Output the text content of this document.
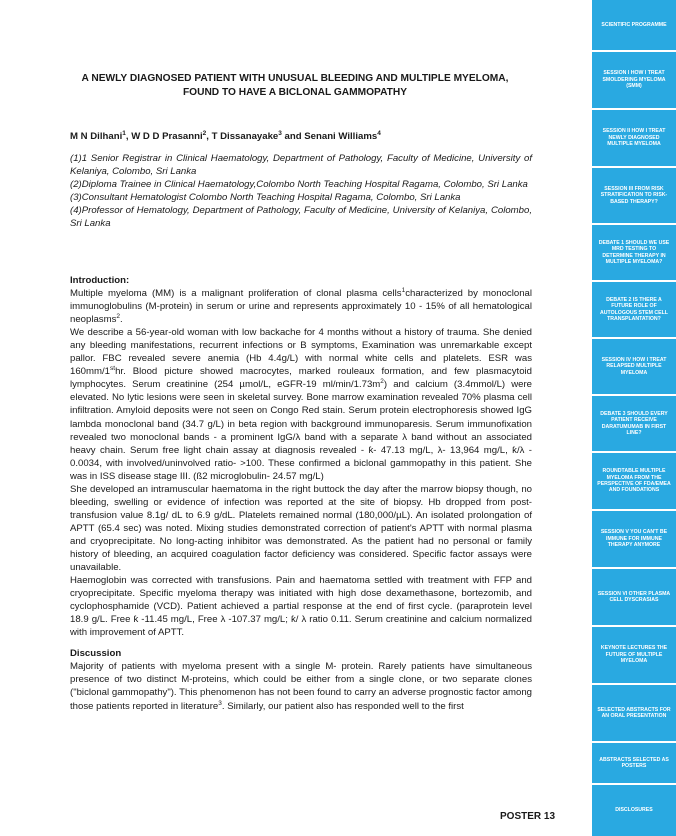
A NEWLY DIAGNOSED PATIENT WITH UNUSUAL BLEEDING AND MULTIPLE MYELOMA,
FOUND TO HAVE A BICLONAL GAMMOPATHY
M N Dilhani$^1$, W D D Prasanni$^2$, T Dissanayake$^3$ and Senani Williams$^4$

(1)1 Senior Registrar in Clinical Haematology, Department of Pathology, Faculty of Medicine, University of Kelaniya, Colombo, Sri Lanka

(2)Diploma Trainee in Clinical Haematology,Colombo North Teaching Hospital Ragama, Colombo, Sri Lanka

(3)Consultant Hematologist Colombo North Teaching Hospital Ragama, Colombo, Sri Lanka

(4)Professor of Hematology, Department of Pathology, Faculty of Medicine, University of Kelaniya, Colombo, Sri Lanka

Introduction:

Multiple myeloma (MM) is a malignant proliferation of clonal plasma cells$^1$characterized by monoclonal immunoglobulins (M-protein) in serum or urine and represents approximately 10 - 15% of all hematological neoplasms$^2$.

We describe a 56-year-old woman with low backache for 4 months without a history of trauma. She denied any bleeding manifestations, recurrent infections or B symptoms, Examination was unremarkable except pallor. FBC revealed severe anemia (Hb 4.4g/L) with normal white cells and platelets. ESR was 160mm/1sthr. Blood picture showed macrocytes, marked rouleaux formation, and few plasmacytoid lymphocytes. Serum creatinine (254 µmol/L, eGFR-19 $ml/\min/1.73m^2$) and calcium (3.4mmol/L) were elevated. No lytic lesions were seen in skeletal survey. Bone marrow examination revealed 70% plasma cell infiltration. Amyloid deposits were not seen on Congo Red stain. Serum protein electrophoresis showed IgG lambda monoclonal band (34.7 g/L) in beta region with background immunoparesis. Serum immunofixation revealed two monoclonal bands - a prominent IgG/λ band with a separate λ band without an associated heavy chain. Serum free light chain assay at diagnosis revealed - ƙ- 47.13 mg/L, λ- 13,964 mg/L, ƙ/λ - 0.0034, with involved/uninvolved ratio- >100. These confirmed a biclonal gammopathy in this patient. She was in ISS disease stage III. (ß2 microglobulin- 24.57 mg/L)

She developed an intramuscular haematoma in the right buttock the day after the marrow biopsy though, no bleeding, swelling or evidence of infection was reported at the site of biopsy. Hb dropped from post-transfusion value 8.1g/ dL to 6.9 g/dL. Platelets remained normal (180,000/µL). An isolated prolongation of APTT (65.4 sec) was noted. Mixing studies demonstrated correction of patient's APTT with normal plasma and cryoprecipitate. No long-acting inhibitor was demonstrated. As the patient had no personal or family history of bleeding, an acquired coagulation factor deficiency was considered. Specific factor assays were unavailable.

Haemoglobin was corrected with transfusions. Pain and haematoma settled with treatment with FFP and cryoprecipitate. Specific myeloma therapy was initiated with high dose dexamethasone, bortezomib, and cyclophosphamide (VCD). Patient achieved a partial response at the end of first cycle. (paraprotein level 18.9 g/L. Free ƙ -11.45 mg/L, Free λ -107.37 mg/L; ƙ/ λ ratio 0.11. Serum creatinine and calcium normalized with improvement of APTT.

Discussion

Majority of patients with myeloma present with a single M- protein. Rarely patients have simultaneous presence of two distinct M-proteins, which could be either from a single clone, or two separate clones ("biclonal gammopathy"). This phenomenon has not been found to carry an adverse prognostic factor among those patients reported in literature$^3$. Similarly, our patient also has responded well to the first

POSTER 13
SCIENTIFIC PROGRAMME
SESSION I HOW I TREAT SMOLDERING MYELOMA (SMM)
SESSION II HOW I TREAT NEWLY DIAGNOSED MULTIPLE MYELOMA
SESSION III FROM RISK STRATIFICATION TO RISK-BASED THERAPY?
DEBATE 1 SHOULD WE USE MRD TESTING TO DETERMINE THERAPY IN MULTIPLE MYELOMA?
DEBATE 2 IS THERE A FUTURE ROLE OF AUTOLOGOUS STEM CELL TRANSPLANTATION?
SESSION IV HOW I TREAT RELAPSED MULTIPLE MYELOMA
DEBATE 3 SHOULD EVERY PATIENT RECEIVE DARATUMUMAB IN FIRST LINE?
ROUNDTABLE MULTIPLE MYELOMA FROM THE PERSPECTIVE OF FDA/EMEA AND FOUNDATIONS
SESSION V YOU CAN'T BE IMMUNE FOR IMMUNE THERAPY ANYMORE
SESSION VI OTHER PLASMA CELL DYSCRASIAS
KEYNOTE LECTURES THE FUTURE OF MULTIPLE MYELOMA
SELECTED ABSTRACTS FOR AN ORAL PRESENTATION
ABSTRACTS SELECTED AS POSTERS
DISCLOSURES
